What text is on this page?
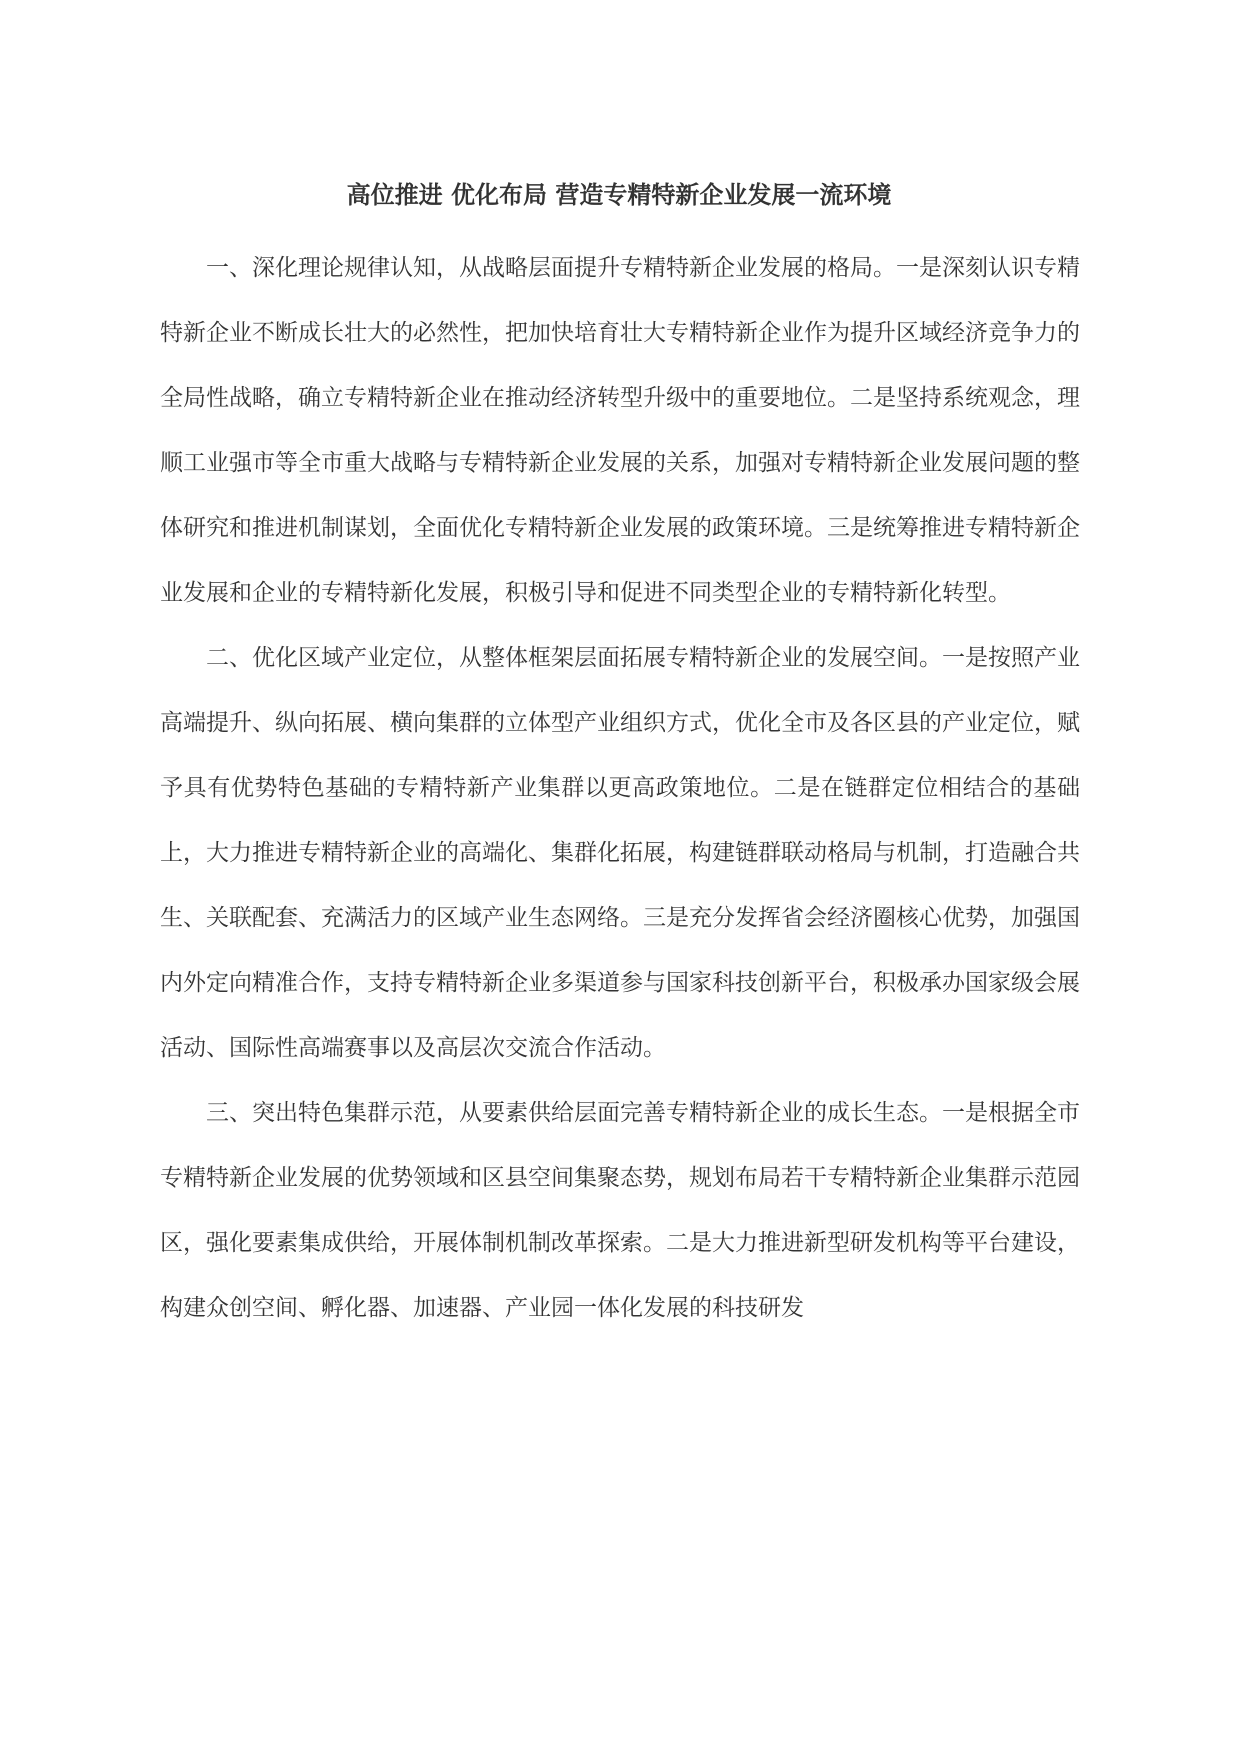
高位推进 优化布局 营造专精特新企业发展一流环境

一、深化理论规律认知，从战略层面提升专精特新企业发展的格局。一是深刻认识专精特新企业不断成长壮大的必然性，把加快培育壮大专精特新企业作为提升区域经济竞争力的全局性战略，确立专精特新企业在推动经济转型升级中的重要地位。二是坚持系统观念，理顺工业强市等全市重大战略与专精特新企业发展的关系，加强对专精特新企业发展问题的整体研究和推进机制谋划，全面优化专精特新企业发展的政策环境。三是统筹推进专精特新企业发展和企业的专精特新化发展，积极引导和促进不同类型企业的专精特新化转型。

二、优化区域产业定位，从整体框架层面拓展专精特新企业的发展空间。一是按照产业高端提升、纵向拓展、横向集群的立体型产业组织方式，优化全市及各区县的产业定位，赋予具有优势特色基础的专精特新产业集群以更高政策地位。二是在链群定位相结合的基础上，大力推进专精特新企业的高端化、集群化拓展，构建链群联动格局与机制，打造融合共生、关联配套、充满活力的区域产业生态网络。三是充分发挥省会经济圈核心优势，加强国内外定向精准合作，支持专精特新企业多渠道参与国家科技创新平台，积极承办国家级会展活动、国际性高端赛事以及高层次交流合作活动。

三、突出特色集群示范，从要素供给层面完善专精特新企业的成长生态。一是根据全市专精特新企业发展的优势领域和区县空间集聚态势，规划布局若干专精特新企业集群示范园区，强化要素集成供给，开展体制机制改革探索。二是大力推进新型研发机构等平台建设，构建众创空间、孵化器、加速器、产业园一体化发展的科技研发
